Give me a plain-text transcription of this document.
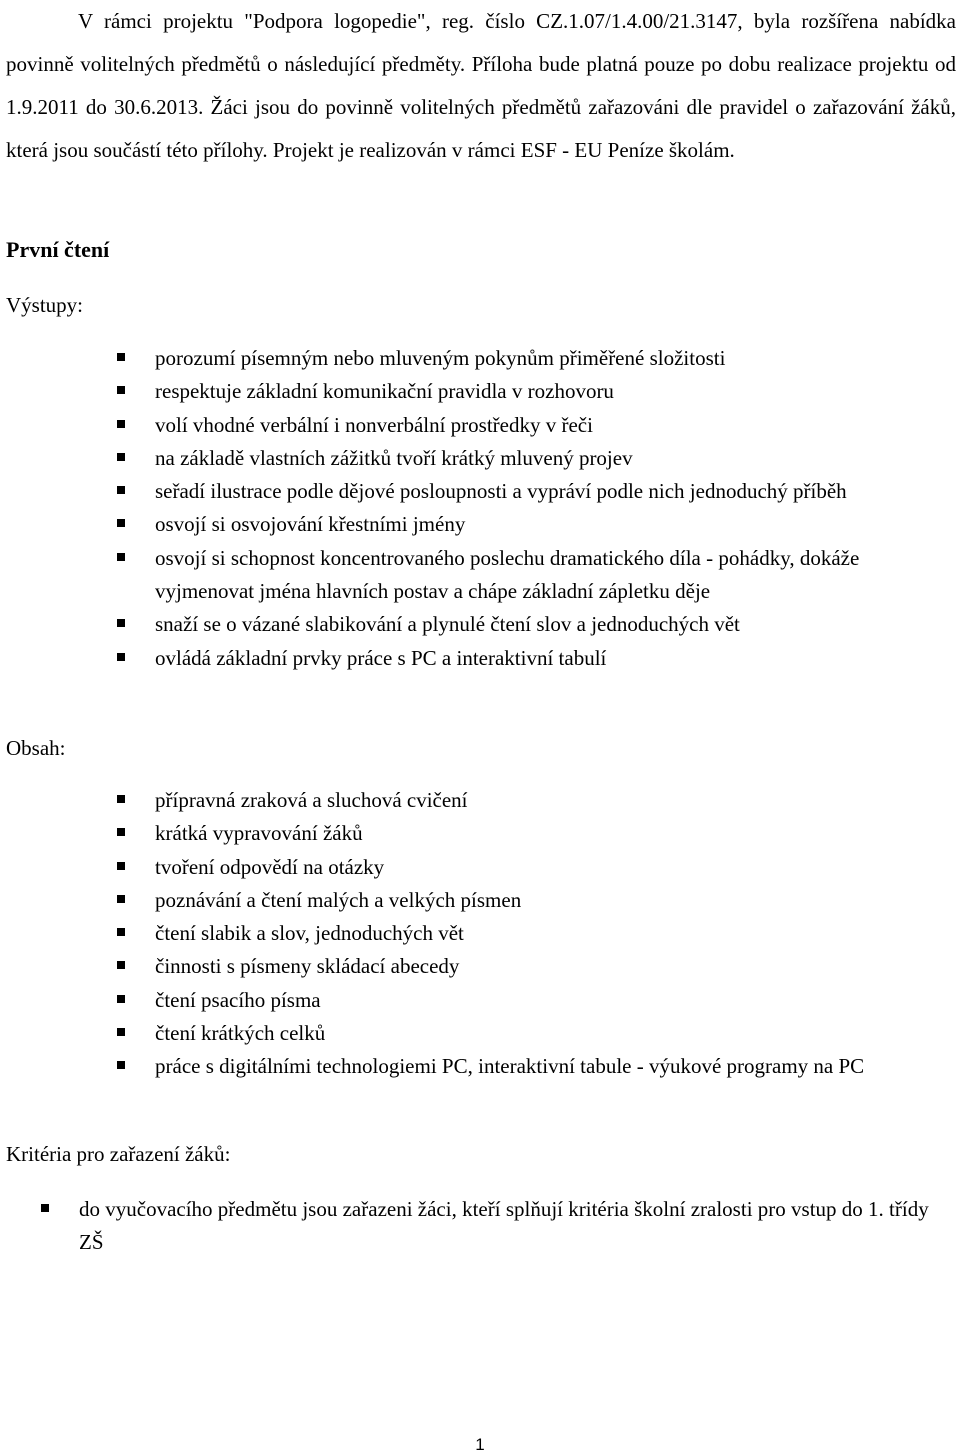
V rámci projektu "Podpora logopedie", reg. číslo CZ.1.07/1.4.00/21.3147, byla rozšířena nabídka povinně volitelných předmětů o následující předměty. Příloha bude platná pouze po dobu realizace projektu od 1.9.2011 do 30.6.2013. Žáci jsou do povinně volitelných předmětů zařazováni dle pravidel o zařazování žáků, která jsou součástí této přílohy. Projekt je realizován v rámci ESF - EU Peníze školám.

První čtení

Výstupy:

porozumí písemným nebo mluveným pokynům přiměřené složitosti
respektuje základní komunikační pravidla v rozhovoru
volí vhodné verbální i nonverbální prostředky v řeči
na základě vlastních zážitků tvoří krátký mluvený projev
seřadí ilustrace podle dějové posloupnosti a vypráví podle nich jednoduchý příběh
osvojí si osvojování křestními jmény
osvojí si schopnost koncentrovaného poslechu dramatického díla - pohádky, dokáže vyjmenovat jména hlavních postav a chápe základní zápletku děje
snaží se o vázané slabikování a plynulé čtení slov a jednoduchých vět
ovládá základní prvky práce s PC a interaktivní tabulí

Obsah:

přípravná zraková a sluchová cvičení
krátká vypravování žáků
tvoření odpovědí na otázky
poznávání a čtení malých a velkých písmen
čtení slabik a slov, jednoduchých vět
činnosti s písmeny skládací abecedy
čtení psacího písma
čtení krátkých celků
práce s digitálními technologiemi PC, interaktivní tabule - výukové programy na PC

Kritéria pro zařazení žáků:

do vyučovacího předmětu jsou zařazeni žáci, kteří splňují kritéria školní zralosti pro vstup do 1. třídy ZŠ
1
